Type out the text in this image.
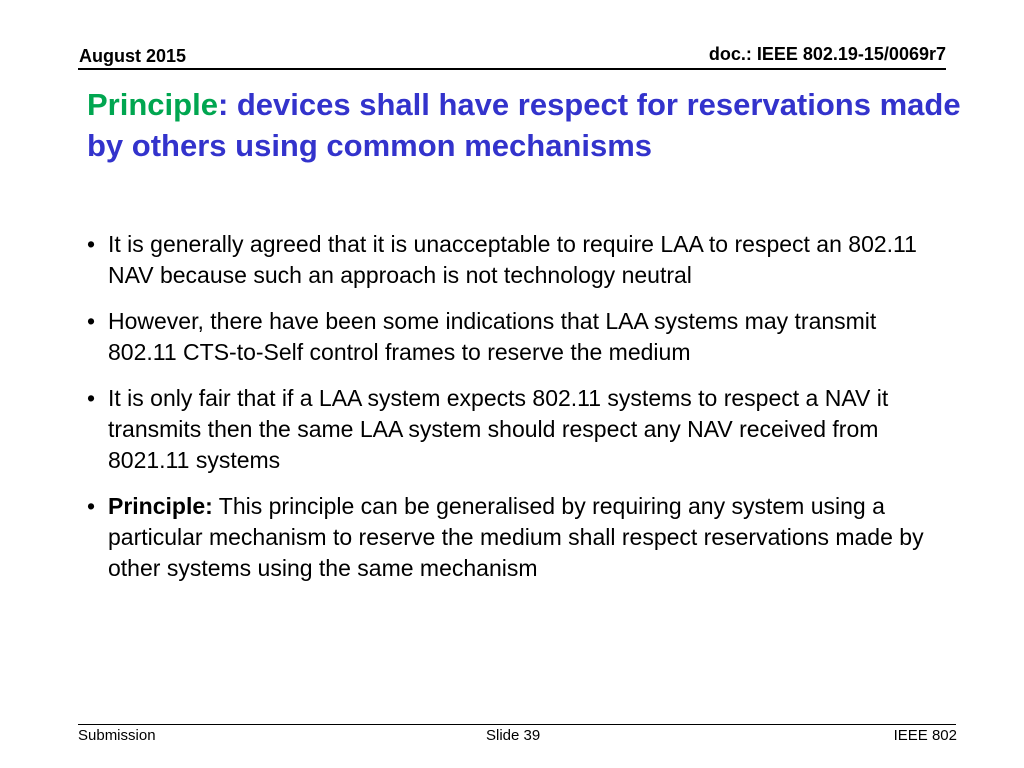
August 2015	doc.: IEEE 802.19-15/0069r7
Principle: devices shall have respect for reservations made by others using common mechanisms
• It is generally agreed that it is unacceptable to require LAA to respect an 802.11 NAV because such an approach is not technology neutral
• However, there have been some indications that LAA systems may transmit 802.11 CTS-to-Self control frames to reserve the medium
• It is only fair that if a LAA system expects 802.11 systems to respect a NAV it transmits then the same LAA system should respect any NAV received from 8021.11 systems
• Principle: This principle can be generalised by requiring any system using a particular mechanism to reserve the medium shall respect reservations made by other systems using the same mechanism
Submission	Slide 39	IEEE 802
